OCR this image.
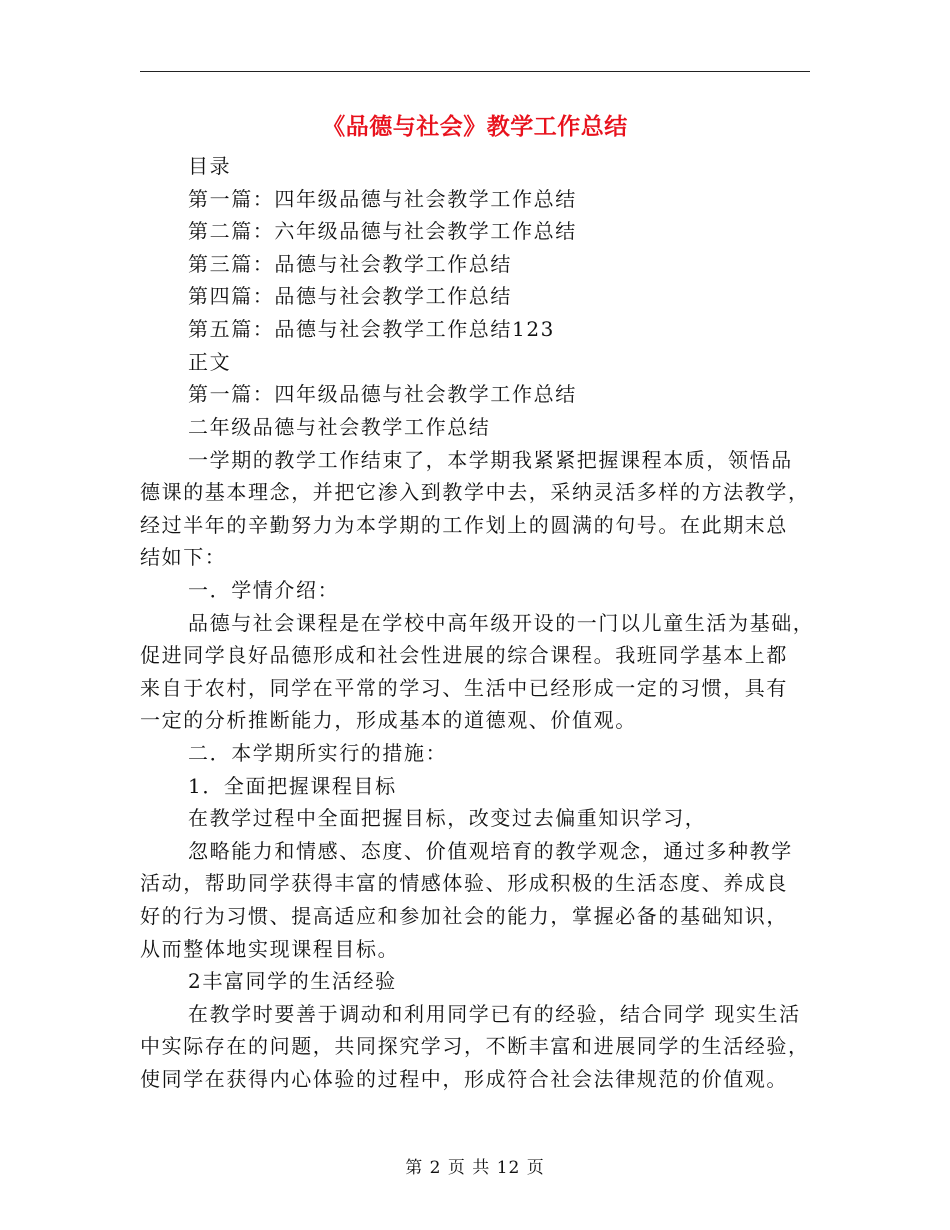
《品德与社会》教学工作总结
目录
第一篇：四年级品德与社会教学工作总结
第二篇：六年级品德与社会教学工作总结
第三篇：品德与社会教学工作总结
第四篇：品德与社会教学工作总结
第五篇：品德与社会教学工作总结123
正文
第一篇：四年级品德与社会教学工作总结
二年级品德与社会教学工作总结
一学期的教学工作结束了，本学期我紧紧把握课程本质，领悟品
德课的基本理念，并把它渗入到教学中去，采纳灵活多样的方法教学，
经过半年的辛勤努力为本学期的工作划上的圆满的句号。在此期末总
结如下：
一．学情介绍：
品德与社会课程是在学校中高年级开设的一门以儿童生活为基础，
促进同学良好品德形成和社会性进展的综合课程。我班同学基本上都
来自于农村，同学在平常的学习、生活中已经形成一定的习惯，具有
一定的分析推断能力，形成基本的道德观、价值观。
二．本学期所实行的措施：
1．全面把握课程目标
在教学过程中全面把握目标，改变过去偏重知识学习，
忽略能力和情感、态度、价值观培育的教学观念，通过多种教学
活动，帮助同学获得丰富的情感体验、形成积极的生活态度、养成良
好的行为习惯、提高适应和参加社会的能力，掌握必备的基础知识，
从而整体地实现课程目标。
2丰富同学的生活经验
在教学时要善于调动和利用同学已有的经验，结合同学 现实生活
中实际存在的问题，共同探究学习，不断丰富和进展同学的生活经验，
使同学在获得内心体验的过程中，形成符合社会法律规范的价值观。
第 2 页 共 12 页
